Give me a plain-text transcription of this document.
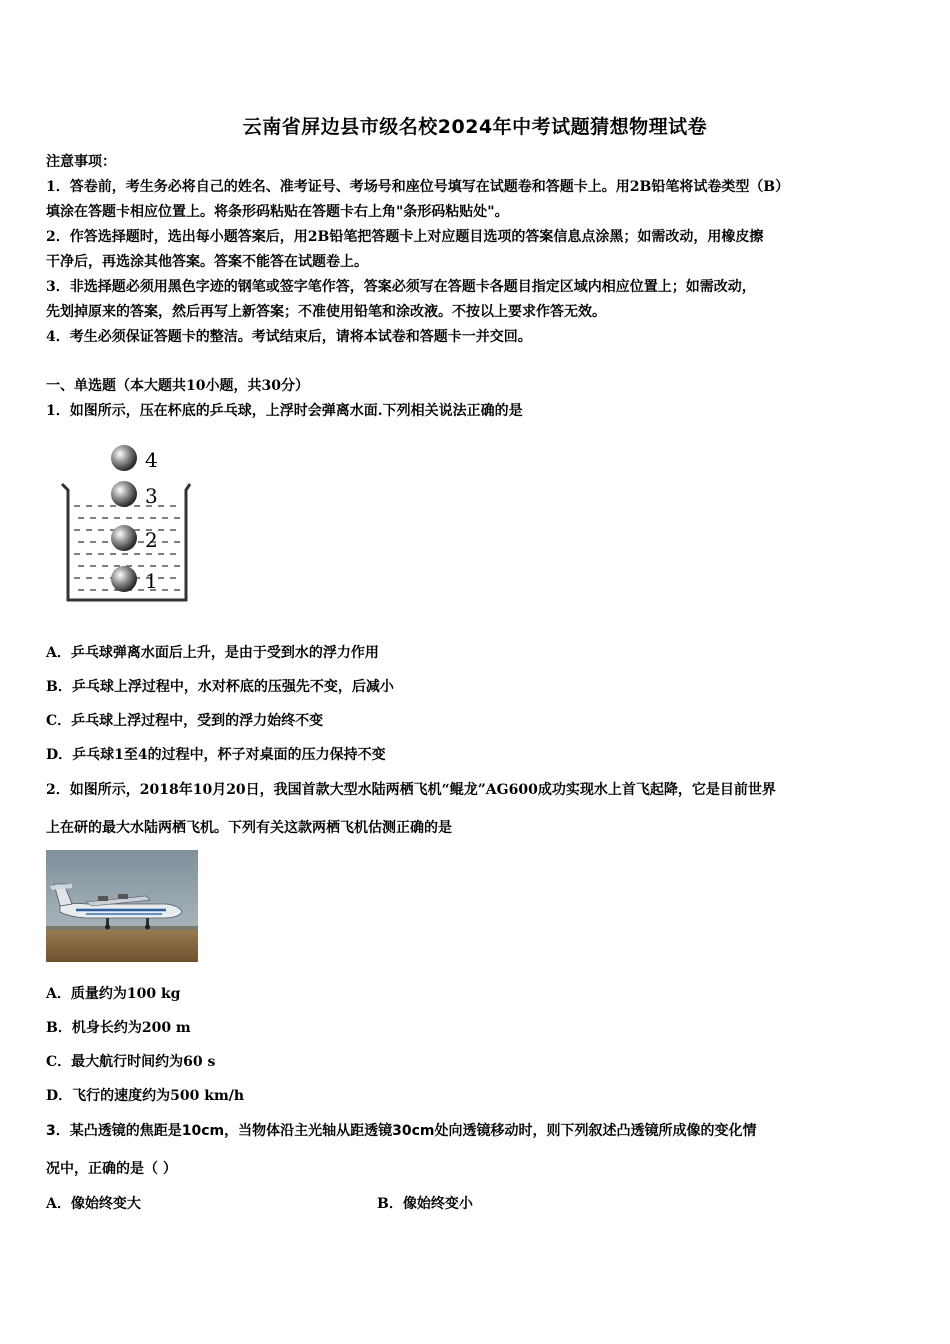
云南省屏边县市级名校2024年中考试题猜想物理试卷
注意事项：
1．答卷前，考生务必将自己的姓名、准考证号、考场号和座位号填写在试题卷和答题卡上。用2B铅笔将试卷类型（B）
填涂在答题卡相应位置上。将条形码粘贴在答题卡右上角"条形码粘贴处"。
2．作答选择题时，选出每小题答案后，用2B铅笔把答题卡上对应题目选项的答案信息点涂黑；如需改动，用橡皮擦
干净后，再选涂其他答案。答案不能答在试题卷上。
3．非选择题必须用黑色字迹的钢笔或签字笔作答，答案必须写在答题卡各题目指定区域内相应位置上；如需改动，
先划掉原来的答案，然后再写上新答案；不准使用铅笔和涂改液。不按以上要求作答无效。
4．考生必须保证答题卡的整洁。考试结束后，请将本试卷和答题卡一并交回。
一、单选题（本大题共10小题，共30分）
1．如图所示，压在杯底的乒乓球，上浮时会弹离水面.下列相关说法正确的是
4
3
2
1
A．乒乓球弹离水面后上升，是由于受到水的浮力作用
B．乒乓球上浮过程中，水对杯底的压强先不变，后减小
C．乒乓球上浮过程中，受到的浮力始终不变
D．乒乓球1至4的过程中，杯子对桌面的压力保持不变
2．如图所示，2018年10月20日，我国首款大型水陆两栖飞机“鲲龙”AG600成功实现水上首飞起降，它是目前世界
上在研的最大水陆两栖飞机。下列有关这款两栖飞机估测正确的是
A．质量约为100 kg
B．机身长约为200 m
C．最大航行时间约为60 s
D．飞行的速度约为500 km/h
3．某凸透镜的焦距是10cm，当物体沿主光轴从距透镜30cm处向透镜移动时，则下列叙述凸透镜所成像的变化情
况中，正确的是（ ）
A．像始终变大	B．像始终变小
